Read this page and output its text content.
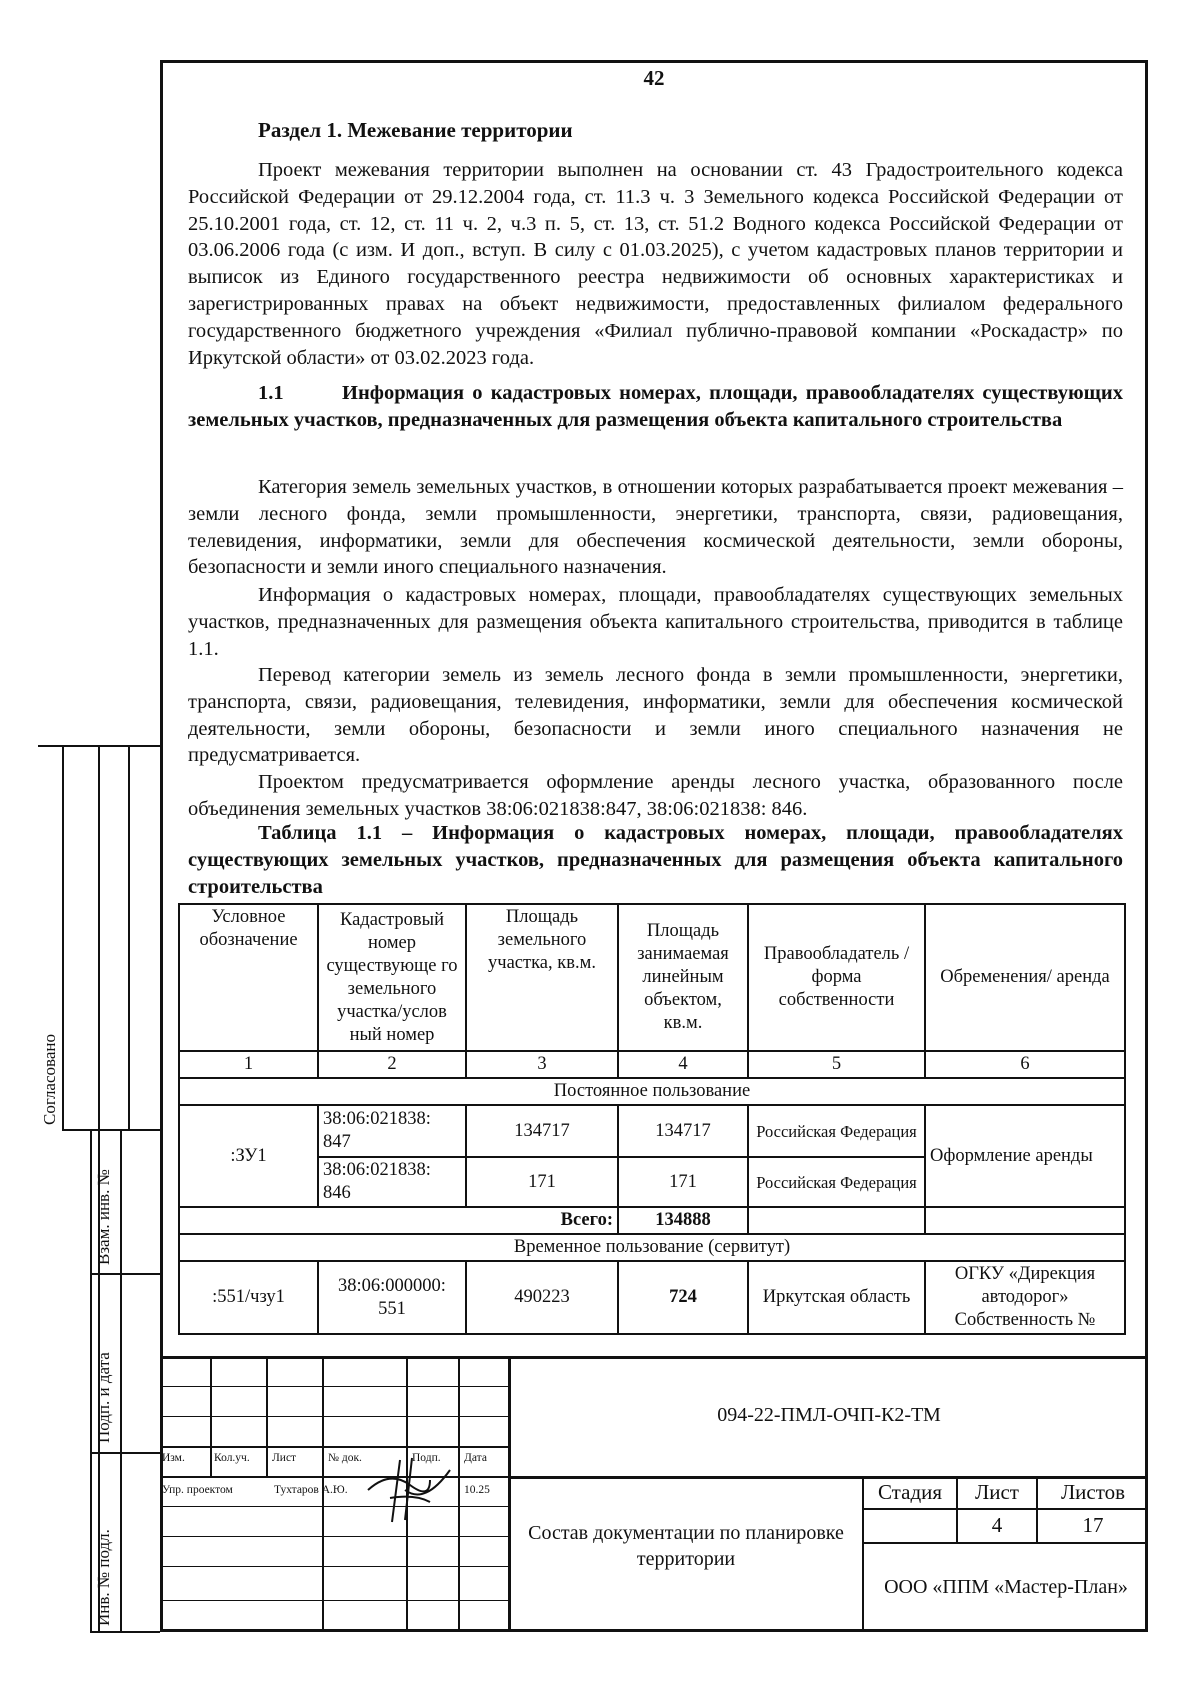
42
Раздел 1. Межевание территории

Проект межевания территории выполнен на основании ст. 43 Градостроительного кодекса Российской Федерации от 29.12.2004 года, ст. 11.3 ч. 3 Земельного кодекса Российской Федерации от 25.10.2001 года, ст. 12, ст. 11 ч. 2, ч.3 п. 5, ст. 13, ст. 51.2 Водного кодекса Российской Федерации от 03.06.2006 года (с изм. И доп., вступ. В силу с 01.03.2025), с учетом кадастровых планов территории и выписок из Единого государственного реестра недвижимости об основных характеристиках и зарегистрированных правах на объект недвижимости, предоставленных филиалом федерального государственного бюджетного учреждения «Филиал публично-правовой компании «Роскадастр» по Иркутской области» от 03.02.2023 года.

1.1	Информация о кадастровых номерах, площади, правообладателях существующих земельных участков, предназначенных для размещения объекта капитального строительства

Категория земель земельных участков, в отношении которых разрабатывается проект межевания – земли лесного фонда, земли промышленности, энергетики, транспорта, связи, радиовещания, телевидения, информатики, земли для обеспечения космической деятельности, земли обороны, безопасности и земли иного специального назначения.

Информация о кадастровых номерах, площади, правообладателях существующих земельных участков, предназначенных для размещения объекта капитального строительства, приводится в таблице 1.1.

Перевод категории земель из земель лесного фонда в земли промышленности, энергетики, транспорта, связи, радиовещания, телевидения, информатики, земли для обеспечения космической деятельности, земли обороны, безопасности и земли иного специального назначения не предусматривается.

Проектом предусматривается оформление аренды лесного участка, образованного после объединения земельных участков 38:06:021838:847, 38:06:021838: 846.

Таблица 1.1 – Информация о кадастровых номерах, площади, правообладателях существующих земельных участков, предназначенных для размещения объекта капитального строительства

Условное обозначение	Кадастровый номер существующе го земельного участка/услов ный номер	Площадь земельного участка, кв.м.	Площадь занимаемая линейным объектом, кв.м.	Правообладатель / форма собственности	Обременения/ аренда
1	2	3	4	5	6
Постоянное пользование					
:ЗУ1	38:06:021838: 847	134717	134717	Российская Федерация	Оформление аренды
	38:06:021838: 846	171	171	Российская Федерация	
Всего:			134888		
Временное пользование (сервитут)					
:551/чзу1	38:06:000000: 551	490223	724	Иркутская область	ОГКУ «Дирекция автодорог» Собственность №
Согласовано
Взам. инв. №
Подп. и дата
Инв. № подл.
Изм.	Кол.уч. Лист	№ док.	Подп. Дата
Упр. проектом	Тухтаров А.Ю.	10.25
094-22-ПМЛ-ОЧП-К2-ТМ
Состав документации по планировке территории
Стадия	Лист	Листов
4	17
ООО «ППМ «Мастер-План»
